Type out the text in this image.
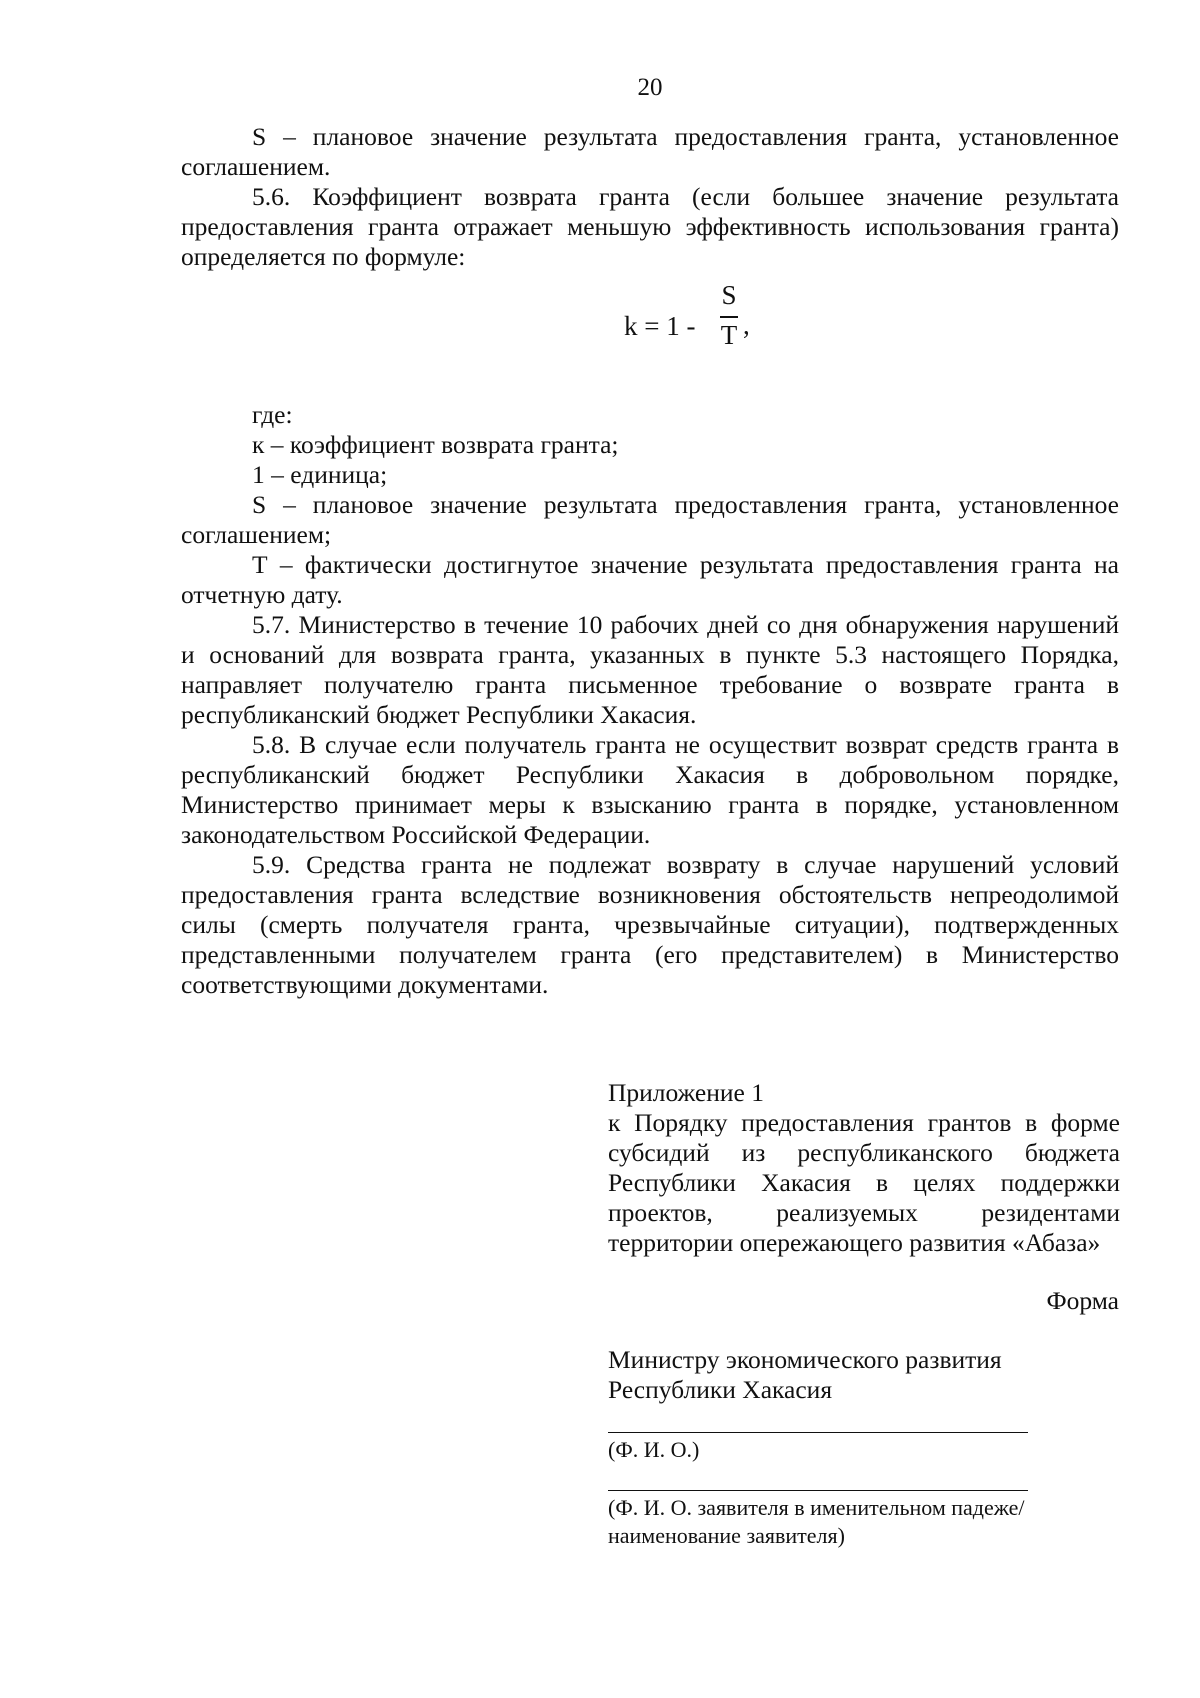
20

S – плановое значение результата предоставления гранта, установленное соглашением.

5.6. Коэффициент возврата гранта (если большее значение результата предоставления гранта отражает меньшую эффективность использования гранта) определяется по формуле:

k = 1 -
S
T ,

где:

к – коэффициент возврата гранта;

1 – единица;

S – плановое значение результата предоставления гранта, установленное соглашением;

Т – фактически достигнутое значение результата предоставления гранта на отчетную дату.

5.7. Министерство в течение 10 рабочих дней со дня обнаружения нарушений и оснований для возврата гранта, указанных в пункте 5.3 настоящего Порядка, направляет получателю гранта письменное требование о возврате гранта в республиканский бюджет Республики Хакасия.

5.8. В случае если получатель гранта не осуществит возврат средств гранта в республиканский бюджет Республики Хакасия в добровольном порядке, Министерство принимает меры к взысканию гранта в порядке, установленном законодательством Российской Федерации.

5.9. Средства гранта не подлежат возврату в случае нарушений условий предоставления гранта вследствие возникновения обстоятельств непреодолимой силы (смерть получателя гранта, чрезвычайные ситуации), подтвержденных представленными получателем гранта (его представителем) в Министерство соответствующими документами.

Приложение 1

к Порядку предоставления грантов в форме субсидий из республиканского бюджета Республики Хакасия в целях поддержки проектов, реализуемых резидентами территории опережающего развития «Абаза»

Форма

Министру экономического развития

Республики Хакасия

(Ф. И. О.)
(Ф. И. О. заявителя в именительном падеже/наименование заявителя)
